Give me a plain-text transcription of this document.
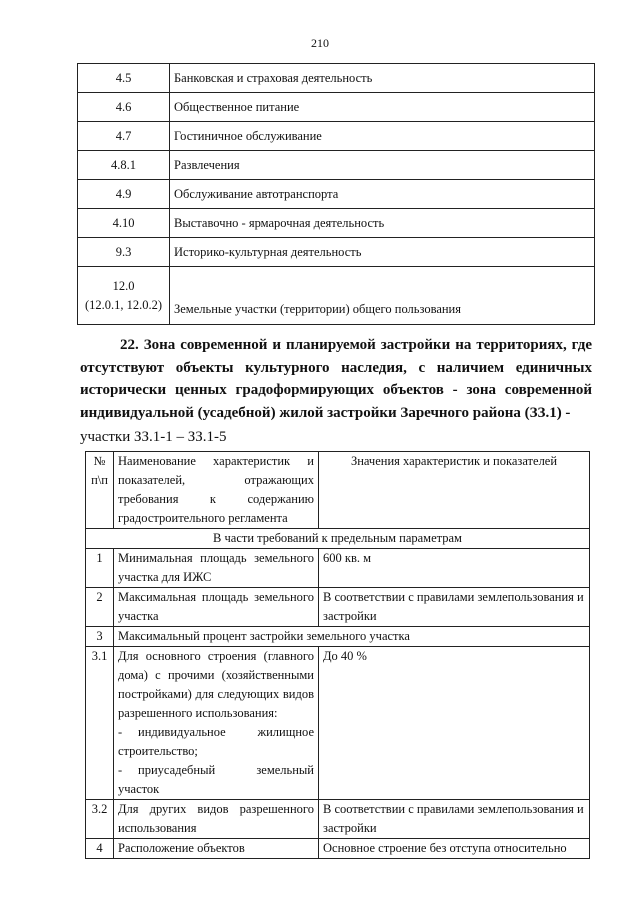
210
4.5	Банковская и страховая деятельность
4.6	Общественное питание
4.7	Гостиничное обслуживание
4.8.1	Развлечения
4.9	Обслуживание автотранспорта
4.10	Выставочно - ярмарочная деятельность
9.3	Историко-культурная деятельность

12.0
(12.0.1, 12.0.2)	Земельные участки (территории) общего пользования
22. Зона современной и планируемой застройки на территориях, где отсутствуют объекты культурного наследия, с наличием единичных исторически ценных градоформирующих объектов - зона современной индивидуальной (усадебной) жилой застройки Заречного района (ЗЗ.1) -
участки ЗЗ.1-1 – ЗЗ.1-5
№ п\п	Наименование характеристик и показателей, отражающих требования к содержанию градостроительного регламента	Значения характеристик и показателей
В части требований к предельным параметрам		
1	Минимальная площадь земельного участка для ИЖС	600 кв. м
2	Максимальная площадь земельного участка	В соответствии с правилами землепользования и застройки
3	Максимальный процент застройки земельного участка	
3.1	Для основного строения (главного дома) с прочими (хозяйственными постройками) для следующих видов разрешенного использования:
- индивидуальное жилищное строительство;
- приусадебный земельный участок	До 40 %
3.2	Для других видов разрешенного использования	В соответствии с правилами землепользования и застройки
4	Расположение объектов	Основное строение без отступа относительно
